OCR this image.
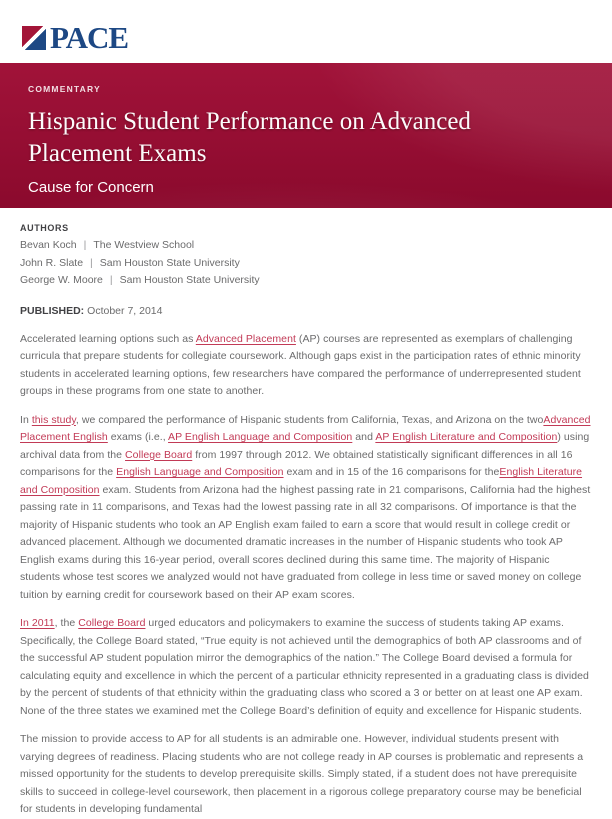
PACE
COMMENTARY
Hispanic Student Performance on Advanced Placement Exams
Cause for Concern
AUTHORS
Bevan Koch | The Westview School
John R. Slate | Sam Houston State University
George W. Moore | Sam Houston State University
PUBLISHED: October 7, 2014

Accelerated learning options such as Advanced Placement (AP) courses are represented as exemplars of challenging curricula that prepare students for collegiate coursework. Although gaps exist in the participation rates of ethnic minority students in accelerated learning options, few researchers have compared the performance of underrepresented student groups in these programs from one state to another.

In this study, we compared the performance of Hispanic students from California, Texas, and Arizona on the twoAdvanced Placement English exams (i.e., AP English Language and Composition and AP English Literature and Composition) using archival data from the College Board from 1997 through 2012. We obtained statistically significant differences in all 16 comparisons for the English Language and Composition exam and in 15 of the 16 comparisons for theEnglish Literature and Composition exam. Students from Arizona had the highest passing rate in 21 comparisons, California had the highest passing rate in 11 comparisons, and Texas had the lowest passing rate in all 32 comparisons. Of importance is that the majority of Hispanic students who took an AP English exam failed to earn a score that would result in college credit or advanced placement. Although we documented dramatic increases in the number of Hispanic students who took AP English exams during this 16-year period, overall scores declined during this same time. The majority of Hispanic students whose test scores we analyzed would not have graduated from college in less time or saved money on college tuition by earning credit for coursework based on their AP exam scores.

In 2011, the College Board urged educators and policymakers to examine the success of students taking AP exams. Specifically, the College Board stated, “True equity is not achieved until the demographics of both AP classrooms and of the successful AP student population mirror the demographics of the nation.” The College Board devised a formula for calculating equity and excellence in which the percent of a particular ethnicity represented in a graduating class is divided by the percent of students of that ethnicity within the graduating class who scored a 3 or better on at least one AP exam. None of the three states we examined met the College Board’s definition of equity and excellence for Hispanic students.

The mission to provide access to AP for all students is an admirable one. However, individual students present with varying degrees of readiness. Placing students who are not college ready in AP courses is problematic and represents a missed opportunity for the students to develop prerequisite skills. Simply stated, if a student does not have prerequisite skills to succeed in college-level coursework, then placement in a rigorous college preparatory course may be beneficial for students in developing fundamental
